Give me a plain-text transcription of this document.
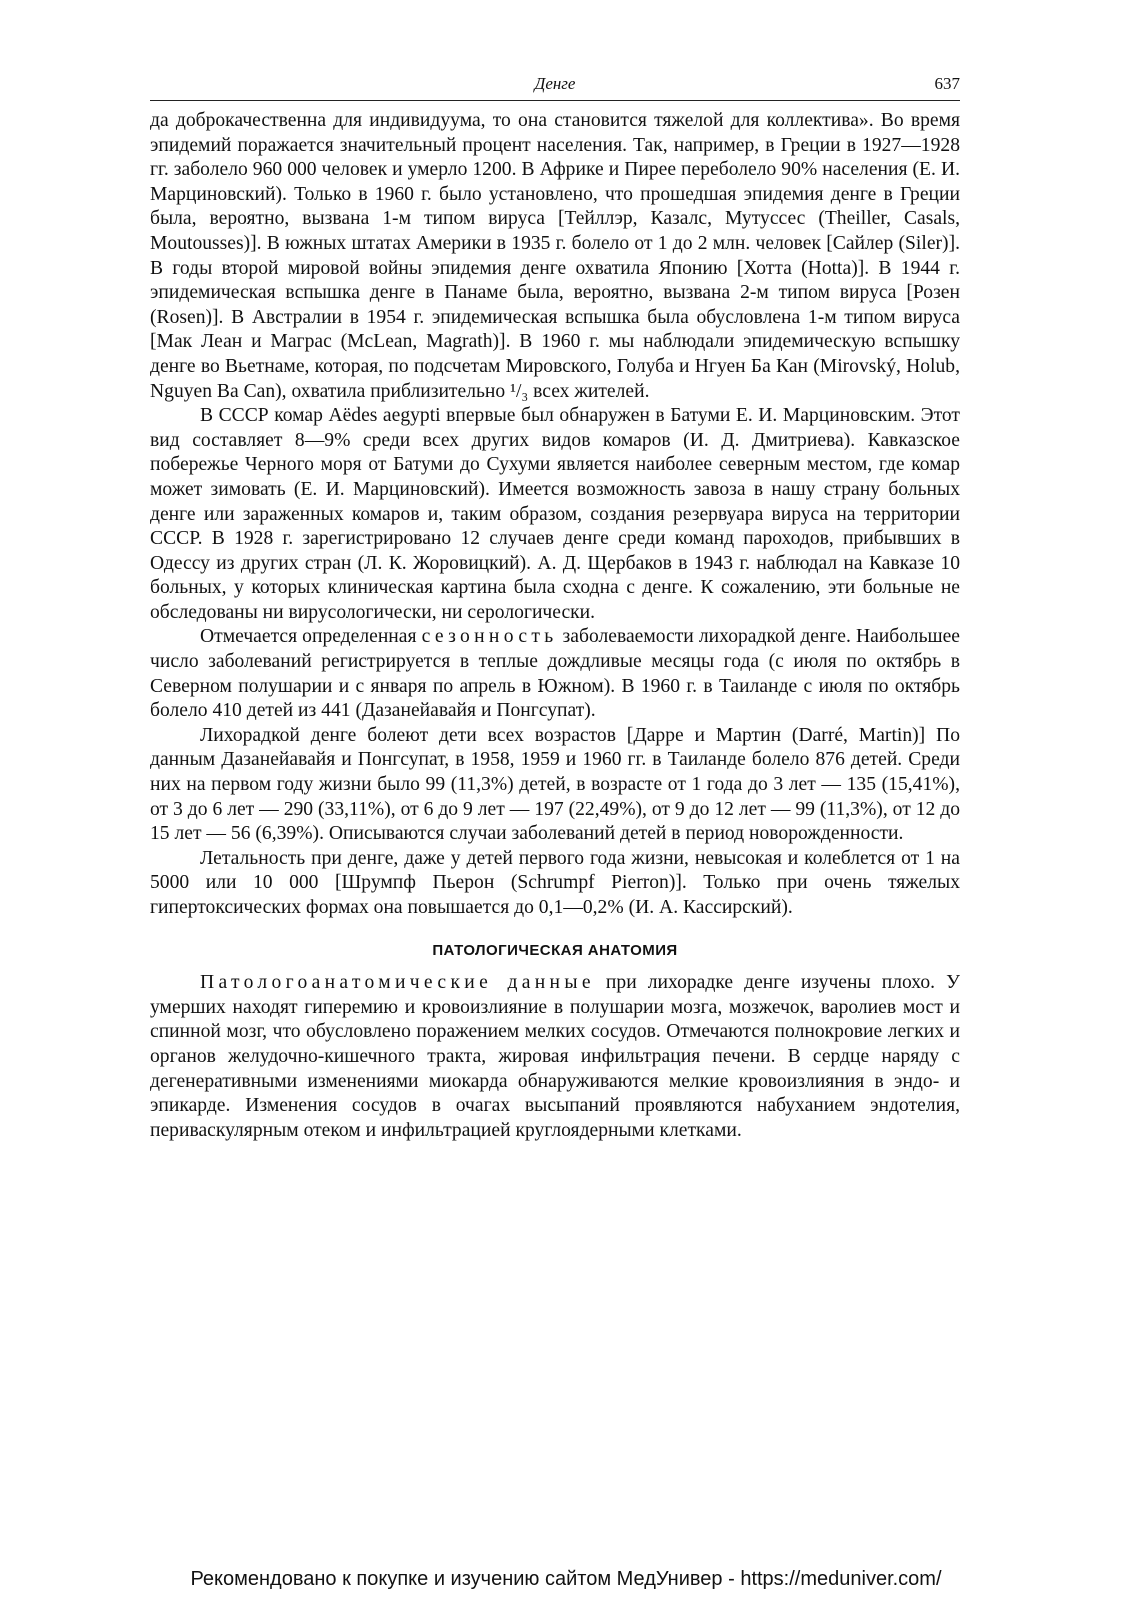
Денге	637

да доброкачественна для индивидуума, то она становится тяжелой для коллектива». Во время эпидемий поражается значительный процент населения. Так, например, в Греции в 1927—1928 гг. заболело 960 000 человек и умерло 1200. В Африке и Пирее переболело 90% населения (Е. И. Марциновский). Только в 1960 г. было установлено, что прошедшая эпидемия денге в Греции была, вероятно, вызвана 1-м типом вируса [Тейллэр, Казалс, Мутуссес (Theiller, Casals, Moutousses)]. В южных штатах Америки в 1935 г. болело от 1 до 2 млн. человек [Сайлер (Siler)]. В годы второй мировой войны эпидемия денге охватила Японию [Хотта (Hotta)]. В 1944 г. эпидемическая вспышка денге в Панаме была, вероятно, вызвана 2-м типом вируса [Розен (Rosen)]. В Австралии в 1954 г. эпидемическая вспышка была обусловлена 1-м типом вируса [Мак Леан и Маграс (McLean, Magrath)]. В 1960 г. мы наблюдали эпидемическую вспышку денге во Вьетнаме, которая, по подсчетам Мировского, Голуба и Нгуен Ба Кан (Mirovský, Holub, Nguyen Ba Can), охватила приблизительно ¹/₃ всех жителей.

В СССР комар Aëdes aegypti впервые был обнаружен в Батуми Е. И. Марциновским. Этот вид составляет 8—9% среди всех других видов комаров (И. Д. Дмитриева). Кавказское побережье Черного моря от Батуми до Сухуми является наиболее северным местом, где комар может зимовать (Е. И. Марциновский). Имеется возможность завоза в нашу страну больных денге или зараженных комаров и, таким образом, создания резервуара вируса на территории СССР. В 1928 г. зарегистрировано 12 случаев денге среди команд пароходов, прибывших в Одессу из других стран (Л. К. Жоровицкий). А. Д. Щербаков в 1943 г. наблюдал на Кавказе 10 больных, у которых клиническая картина была сходна с денге. К сожалению, эти больные не обследованы ни вирусологически, ни серологически.

Отмечается определенная сезонность заболеваемости лихорадкой денге. Наибольшее число заболеваний регистрируется в теплые дождливые месяцы года (с июля по октябрь в Северном полушарии и с января по апрель в Южном). В 1960 г. в Таиланде с июля по октябрь болело 410 детей из 441 (Дазанейавайя и Понгсупат).

Лихорадкой денге болеют дети всех возрастов [Дарре и Мартин (Darré, Martin)] По данным Дазанейавайя и Понгсупат, в 1958, 1959 и 1960 гг. в Таиланде болело 876 детей. Среди них на первом году жизни было 99 (11,3%) детей, в возрасте от 1 года до 3 лет — 135 (15,41%), от 3 до 6 лет — 290 (33,11%), от 6 до 9 лет — 197 (22,49%), от 9 до 12 лет — 99 (11,3%), от 12 до 15 лет — 56 (6,39%). Описываются случаи заболеваний детей в период новорожденности.

Летальность при денге, даже у детей первого года жизни, невысокая и колеблется от 1 на 5000 или 10 000 [Шрумпф Пьерон (Schrumpf Pierron)]. Только при очень тяжелых гипертоксических формах она повышается до 0,1—0,2% (И. А. Кассирский).

ПАТОЛОГИЧЕСКАЯ АНАТОМИЯ

Патологоанатомические данные при лихорадке денге изучены плохо. У умерших находят гиперемию и кровоизлияние в полушарии мозга, мозжечок, варолиев мост и спинной мозг, что обусловлено поражением мелких сосудов. Отмечаются полнокровие легких и органов желудочно-кишечного тракта, жировая инфильтрация печени. В сердце наряду с дегенеративными изменениями миокарда обнаруживаются мелкие кровоизлияния в эндо- и эпикарде. Изменения сосудов в очагах высыпаний проявляются набуханием эндотелия, периваскулярным отеком и инфильтрацией круглоядерными клетками.

Рекомендовано к покупке и изучению сайтом МедУнивер - https://meduniver.com/
